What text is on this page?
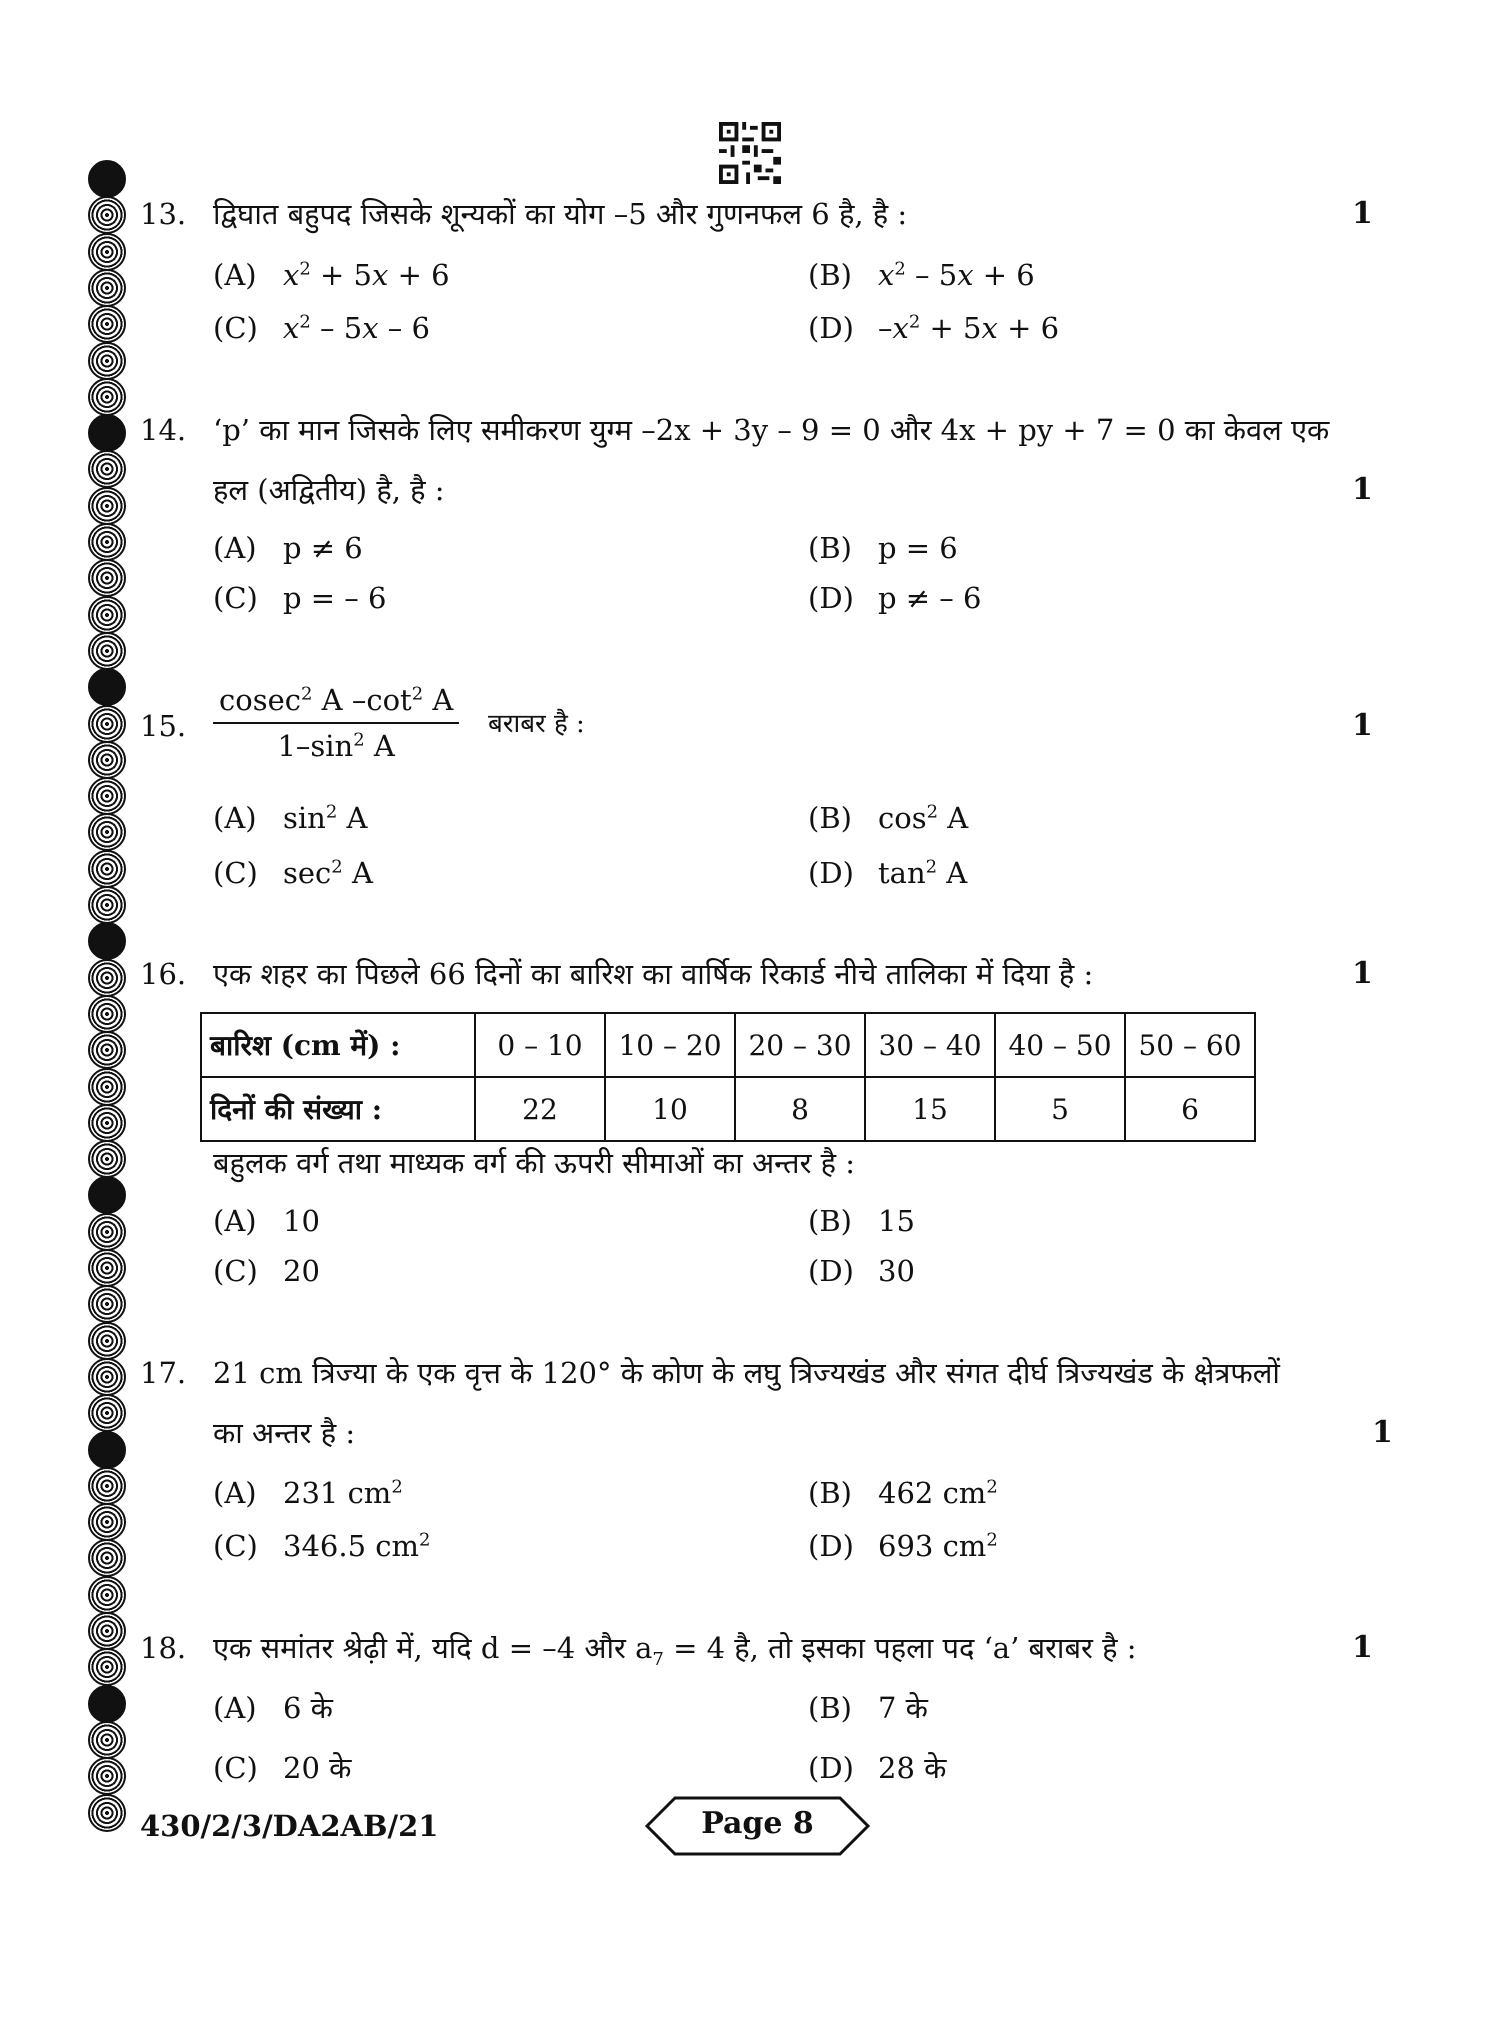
13. द्विघात बहुपद जिसके शून्यकों का योग –5 और गुणनफल 6 है, है :	1
(A) $x^2 + 5x + 6$	(B) $x^2 - 5x + 6$
(C) $x^2 - 5x - 6$	(D) $-x^2 + 5x + 6$
14. ‘p’ का मान जिसके लिए समीकरण युग्म –2x + 3y – 9 = 0 और 4x + py + 7 = 0 का केवल एक
हल (अद्वितीय) है, है :	1
(A) p ≠ 6	(B) p = 6
(C) p = – 6	(D) p ≠ – 6
15. $\frac{cosec^2 A -\cot^2 A}{1-\sin^2 A}$ बराबर है :	1
(A) $\sin^2 A$	(B) $\cos^2 A$
(C) $\sec^2 A$	(D) $\tan^2 A$
16. एक शहर का पिछले 66 दिनों का बारिश का वार्षिक रिकार्ड नीचे तालिका में दिया है :	1
बारिश (cm में) :	0 – 10	10 – 20	20 – 30	30 – 40	40 – 50	50 – 60
दिनों की संख्या :	22	10	8	15	5	6
बहुलक वर्ग तथा माध्यक वर्ग की ऊपरी सीमाओं का अन्तर है :
(A) 10	(B) 15
(C) 20	(D) 30
17. 21 cm त्रिज्या के एक वृत्त के 120° के कोण के लघु त्रिज्यखंड और संगत दीर्घ त्रिज्यखंड के क्षेत्रफलों
का अन्तर है :	1
(A) 231 $cm^2$	(B) 462 $cm^2$
(C) 346.5 $cm^2$	(D) 693 $cm^2$
18. एक समांतर श्रेढ़ी में, यदि d = –4 और $a_7 = 4$ है, तो इसका पहला पद ‘a’ बराबर है :	1
(A) 6 के	(B) 7 के
(C) 20 के	(D) 28 के
430/2/3/DA2AB/21	Page 8
